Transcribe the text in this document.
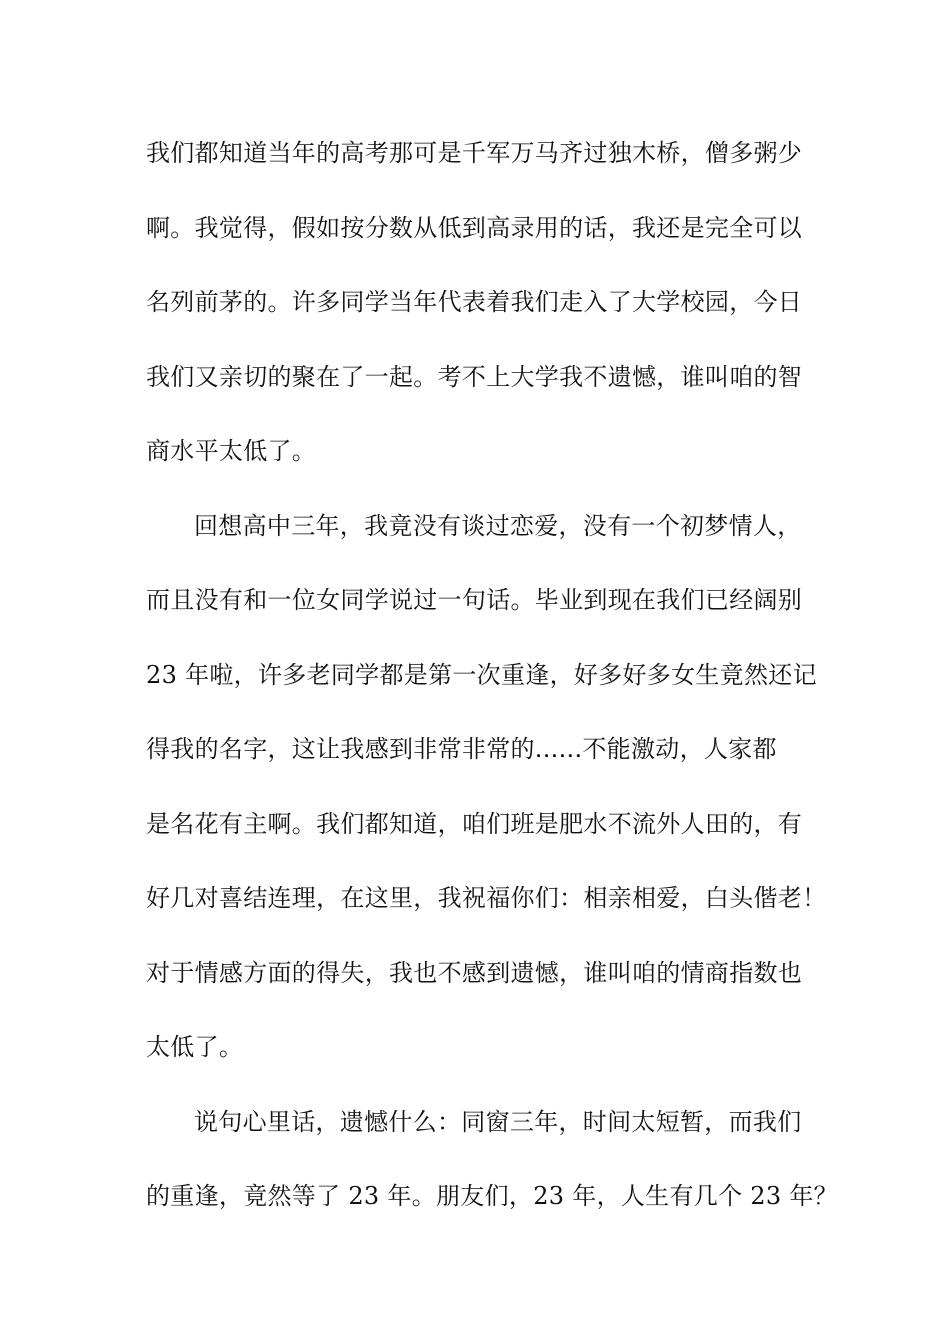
我们都知道当年的高考那可是千军万马齐过独木桥，僧多粥少
啊。我觉得，假如按分数从低到高录用的话，我还是完全可以
名列前茅的。许多同学当年代表着我们走入了大学校园，今日
我们又亲切的聚在了一起。考不上大学我不遗憾，谁叫咱的智
商水平太低了。
回想高中三年，我竟没有谈过恋爱，没有一个初梦情人，
而且没有和一位女同学说过一句话。毕业到现在我们已经阔别
23 年啦，许多老同学都是第一次重逢，好多好多女生竟然还记
得我的名字，这让我感到非常非常的......不能激动，人家都
是名花有主啊。我们都知道，咱们班是肥水不流外人田的，有
好几对喜结连理，在这里，我祝福你们：相亲相爱，白头偕老！
对于情感方面的得失，我也不感到遗憾，谁叫咱的情商指数也
太低了。
说句心里话，遗憾什么：同窗三年，时间太短暂，而我们
的重逢，竟然等了 23 年。朋友们，23 年，人生有几个 23 年？
